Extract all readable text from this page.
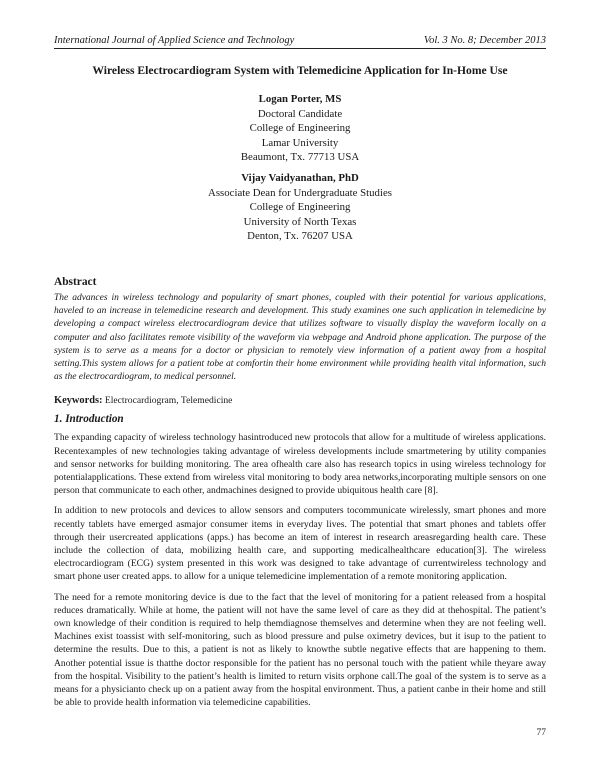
International Journal of Applied Science and Technology	Vol. 3 No. 8; December 2013
Wireless Electrocardiogram System with Telemedicine Application for In-Home Use
Logan Porter, MS
Doctoral Candidate
College of Engineering
Lamar University
Beaumont, Tx. 77713 USA
Vijay Vaidyanathan, PhD
Associate Dean for Undergraduate Studies
College of Engineering
University of North Texas
Denton, Tx. 76207 USA
Abstract

The advances in wireless technology and popularity of smart phones, coupled with their potential for various applications, haveled to an increase in telemedicine research and development. This study examines one such application in telemedicine by developing a compact wireless electrocardiogram device that utilizes software to visually display the waveform locally on a computer and also facilitates remote visibility of the waveform via webpage and Android phone application. The purpose of the system is to serve as a means for a doctor or physician to remotely view information of a patient away from a hospital setting.This system allows for a patient tobe at comfortin their home environment while providing health vital information, such as the electrocardiogram, to medical personnel.

Keywords: Electrocardiogram, Telemedicine
1. Introduction

The expanding capacity of wireless technology hasintroduced new protocols that allow for a multitude of wireless applications. Recentexamples of new technologies taking advantage of wireless developments include smartmetering by utility companies and sensor networks for building monitoring. The area ofhealth care also has research topics in using wireless technology for potentialapplications. These extend from wireless vital monitoring to body area networks,incorporating multiple sensors on one person that communicate to each other, andmachines designed to provide ubiquitous health care [8].

In addition to new protocols and devices to allow sensors and computers tocommunicate wirelessly, smart phones and more recently tablets have emerged asmajor consumer items in everyday lives. The potential that smart phones and tablets offer through their usercreated applications (apps.) has become an item of interest in research areasregarding health care. These include the collection of data, mobilizing health care, and supporting medicalhealthcare education[3]. The wireless electrocardiogram (ECG) system presented in this work was designed to take advantage of currentwireless technology and smart phone user created apps. to allow for a unique telemedicine implementation of a remote monitoring application.

The need for a remote monitoring device is due to the fact that the level of monitoring for a patient released from a hospital reduces dramatically. While at home, the patient will not have the same level of care as they did at thehospital. The patient’s own knowledge of their condition is required to help themdiagnose themselves and determine when they are not feeling well. Machines exist toassist with self-monitoring, such as blood pressure and pulse oximetry devices, but it isup to the patient to determine the results. Due to this, a patient is not as likely to knowthe subtle negative effects that are happening to them. Another potential issue is thatthe doctor responsible for the patient has no personal touch with the patient while theyare away from the hospital. Visibility to the patient’s health is limited to return visits orphone call.The goal of the system is to serve as a means for a physicianto check up on a patient away from the hospital environment. Thus, a patient canbe in their home and still be able to provide health information via telemedicine capabilities.

77
